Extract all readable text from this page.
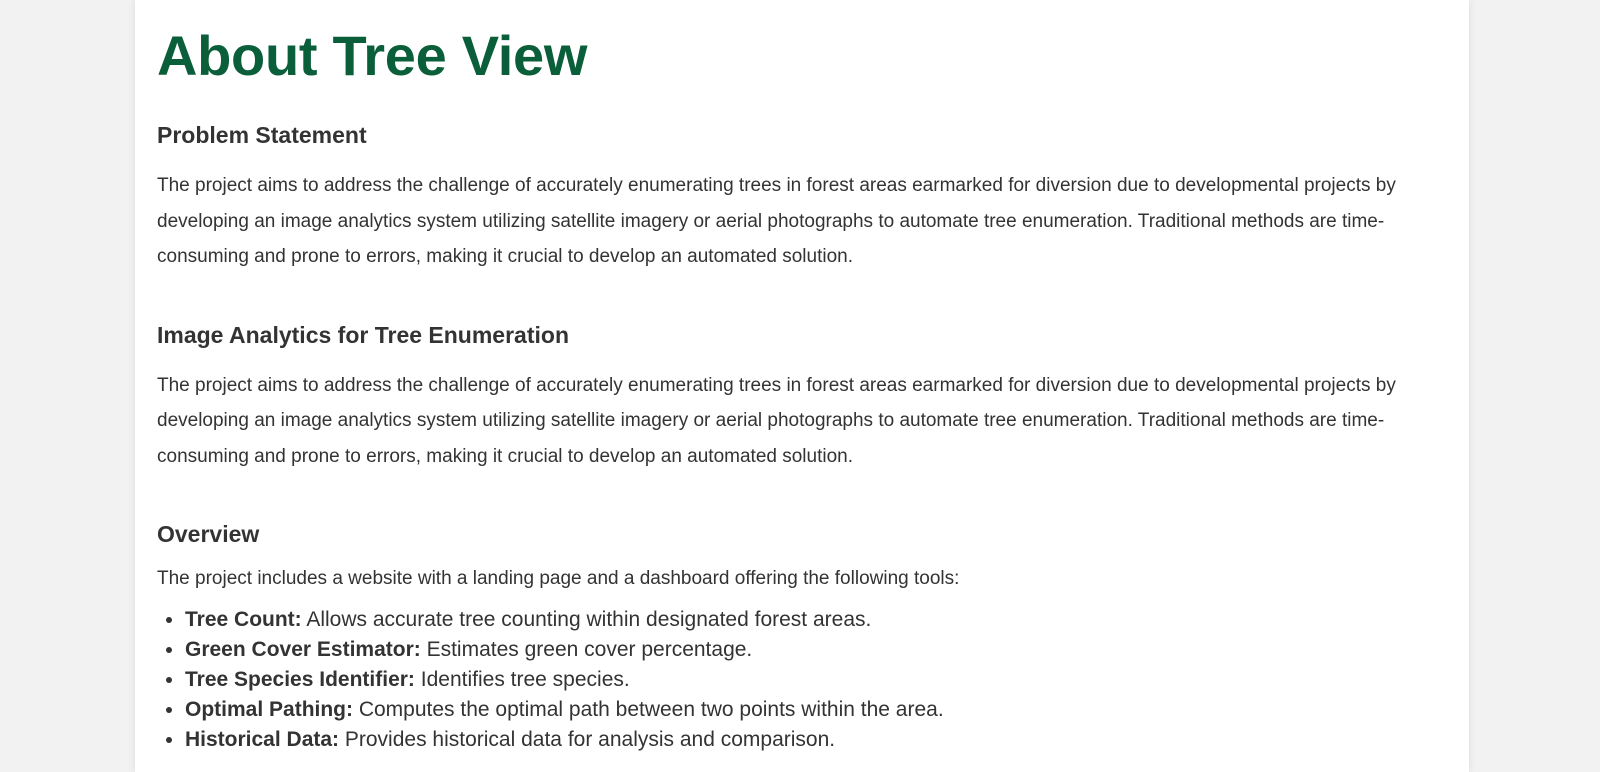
About Tree View
Problem Statement

The project aims to address the challenge of accurately enumerating trees in forest areas earmarked for diversion due to developmental projects by developing an image analytics system utilizing satellite imagery or aerial photographs to automate tree enumeration. Traditional methods are time-consuming and prone to errors, making it crucial to develop an automated solution.

Image Analytics for Tree Enumeration

The project aims to address the challenge of accurately enumerating trees in forest areas earmarked for diversion due to developmental projects by developing an image analytics system utilizing satellite imagery or aerial photographs to automate tree enumeration. Traditional methods are time-consuming and prone to errors, making it crucial to develop an automated solution.

Overview

The project includes a website with a landing page and a dashboard offering the following tools:

• Tree Count: Allows accurate tree counting within designated forest areas.
• Green Cover Estimator: Estimates green cover percentage.
• Tree Species Identifier: Identifies tree species.
• Optimal Pathing: Computes the optimal path between two points within the area.
• Historical Data: Provides historical data for analysis and comparison.
